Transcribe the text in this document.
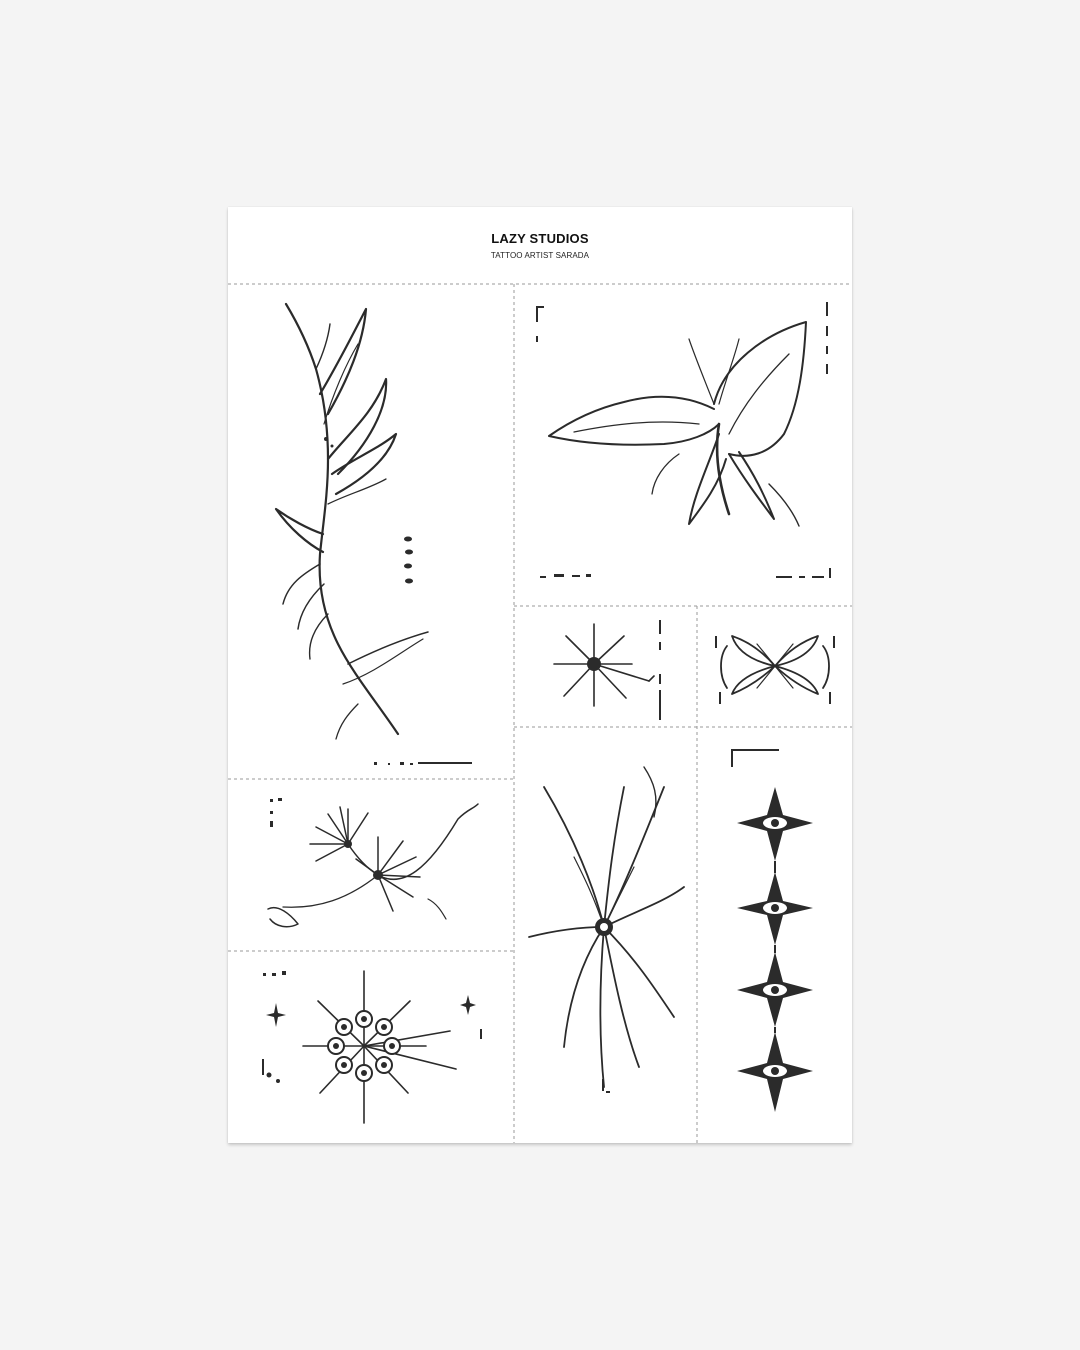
LAZY STUDIOS
TATTOO ARTIST SARADA
